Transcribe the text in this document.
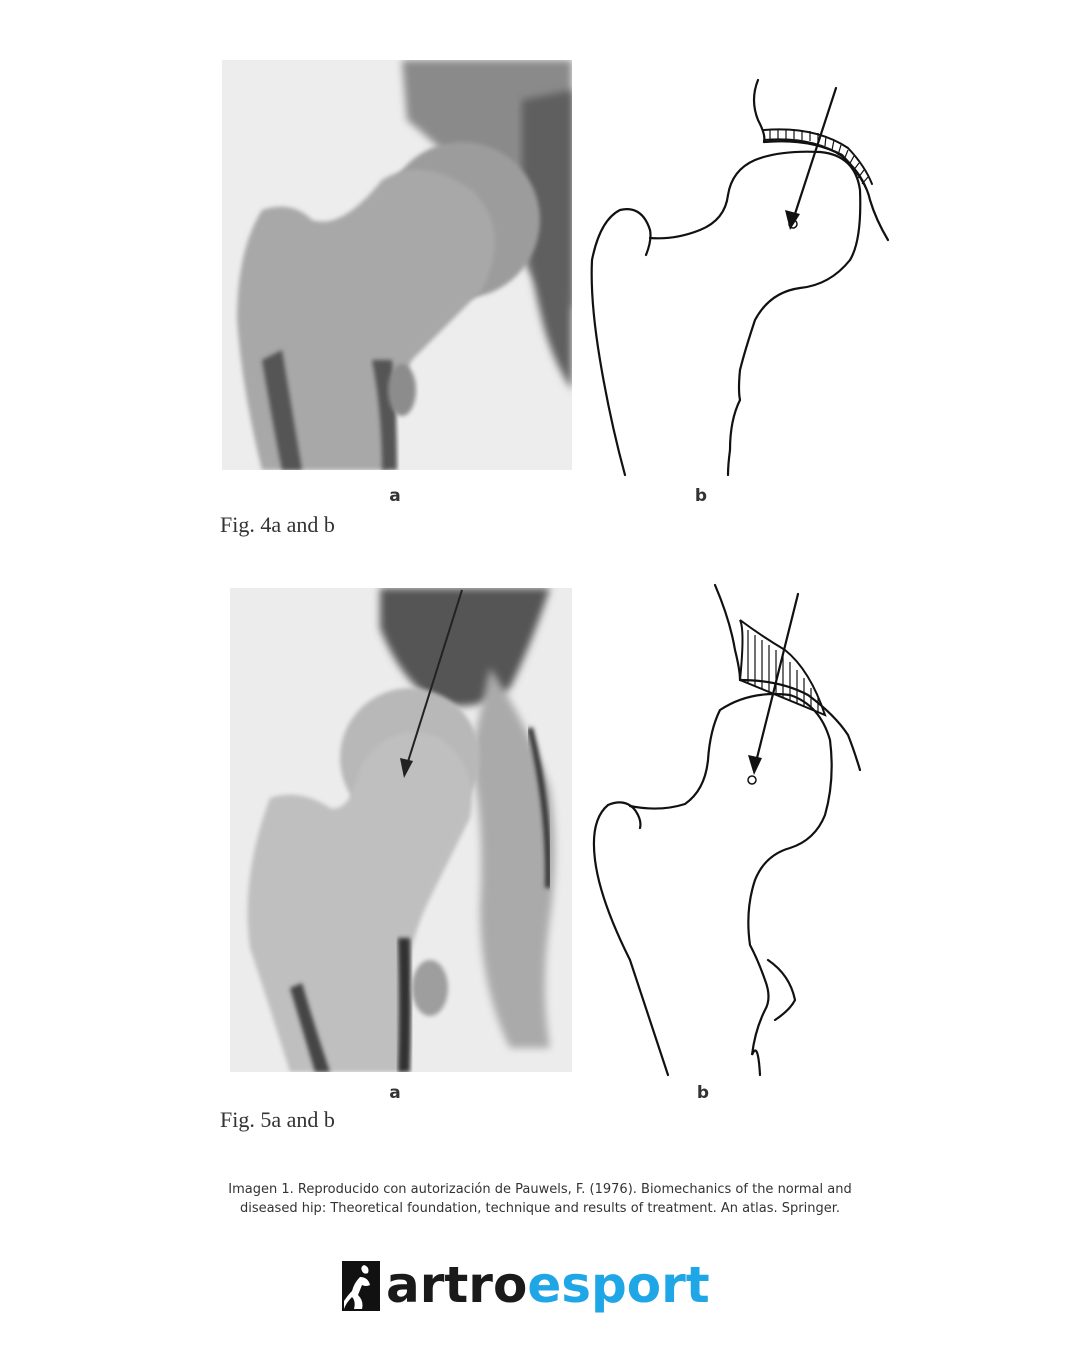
a	b
Fig. 4a and b
a	b
Fig. 5a and b
Imagen 1. Reproducido con autorización de Pauwels, F. (1976). Biomechanics of the normal and diseased hip: Theoretical foundation, technique and results of treatment. An atlas. Springer.
artro esport
